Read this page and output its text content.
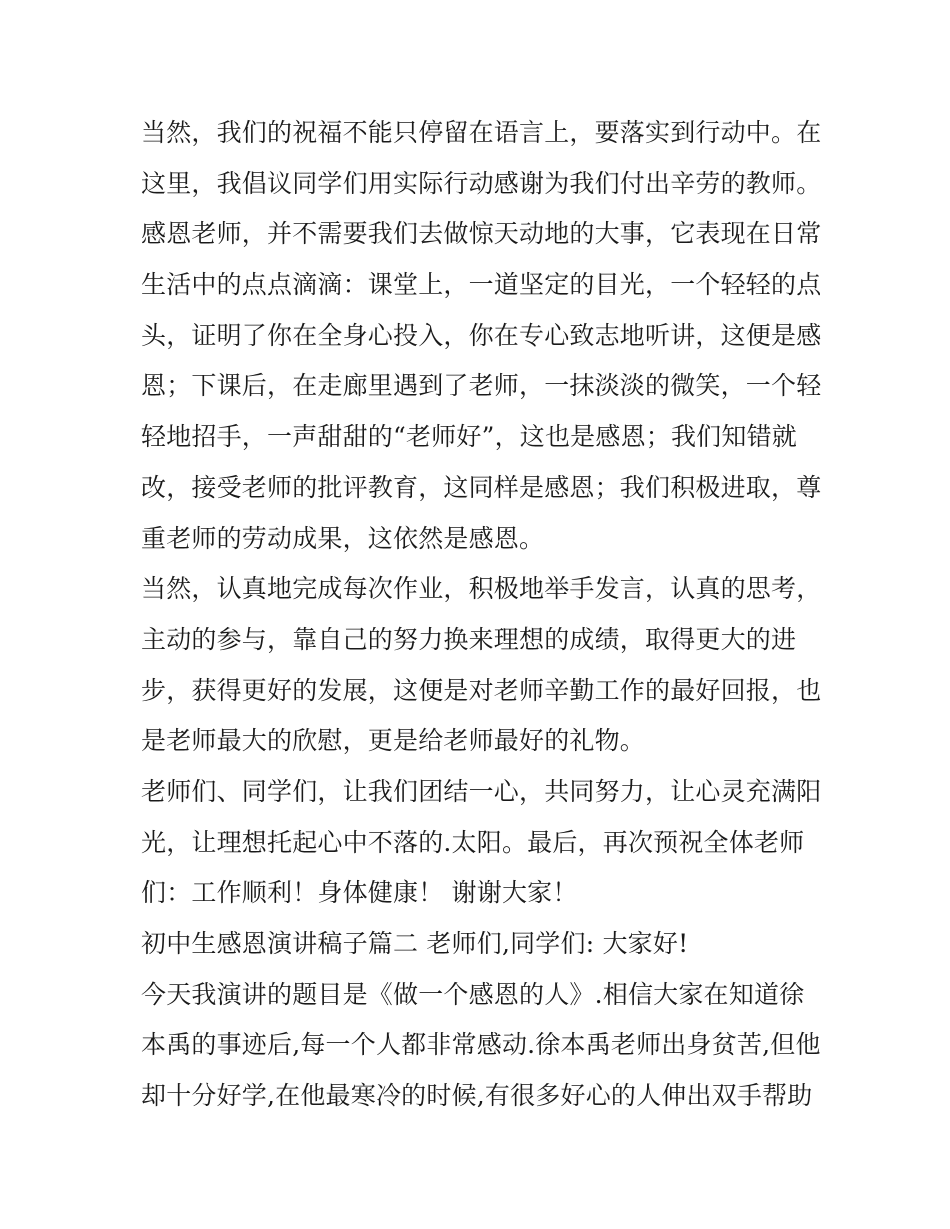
当然，我们的祝福不能只停留在语言上，要落实到行动中。在
这里，我倡议同学们用实际行动感谢为我们付出辛劳的教师。
感恩老师，并不需要我们去做惊天动地的大事，它表现在日常
生活中的点点滴滴：课堂上，一道坚定的目光，一个轻轻的点
头，证明了你在全身心投入，你在专心致志地听讲，这便是感
恩；下课后，在走廊里遇到了老师，一抹淡淡的微笑，一个轻
轻地招手，一声甜甜的“老师好”，这也是感恩；我们知错就
改，接受老师的批评教育，这同样是感恩；我们积极进取，尊
重老师的劳动成果，这依然是感恩。
当然，认真地完成每次作业，积极地举手发言，认真的思考，
主动的参与，靠自己的努力换来理想的成绩，取得更大的进
步，获得更好的发展，这便是对老师辛勤工作的最好回报，也
是老师最大的欣慰，更是给老师最好的礼物。
老师们、同学们，让我们团结一心，共同努力，让心灵充满阳
光，让理想托起心中不落的.太阳。最后，再次预祝全体老师
们：工作顺利！身体健康！ 谢谢大家！
初中生感恩演讲稿子篇二 老师们,同学们: 大家好!
今天我演讲的题目是《做一个感恩的人》.相信大家在知道徐
本禹的事迹后,每一个人都非常感动.徐本禹老师出身贫苦,但他
却十分好学,在他最寒冷的时候,有很多好心的人伸出双手帮助
